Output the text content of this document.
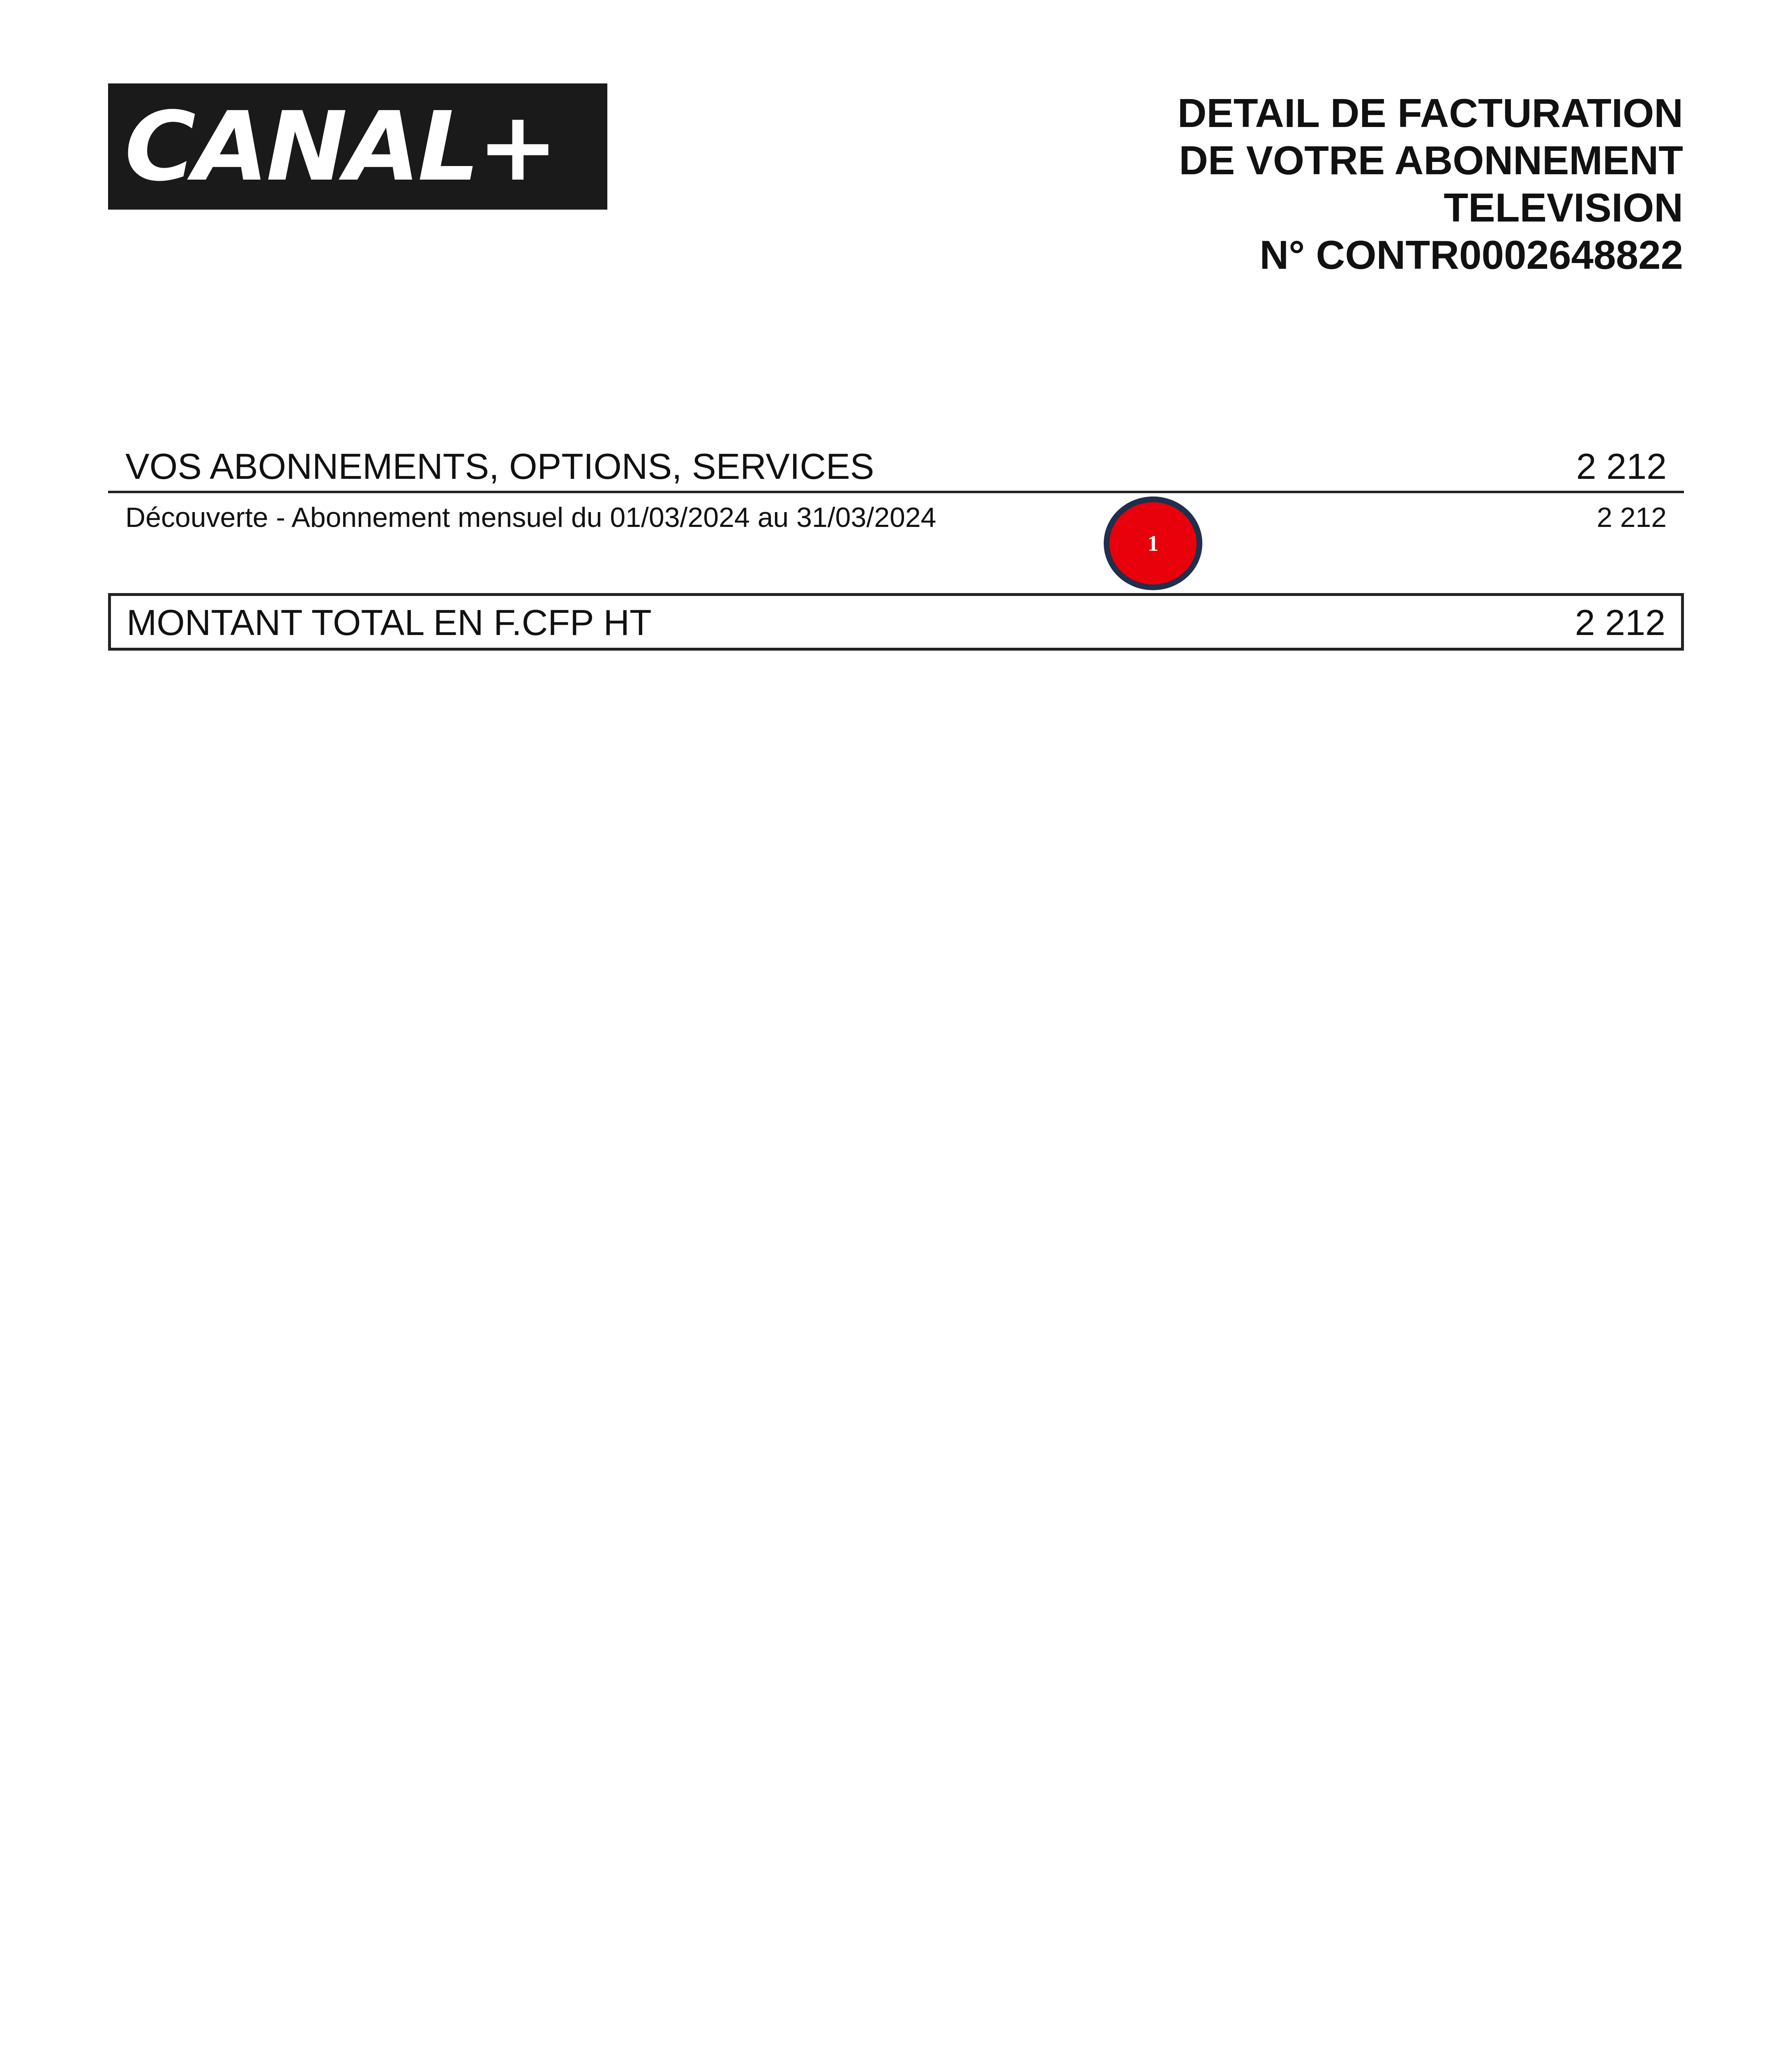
CANAL+	DETAIL DE FACTURATION
DE VOTRE ABONNEMENT
TELEVISION
N° CONTR0002648822
VOS ABONNEMENTS, OPTIONS, SERVICES	2 212
Découverte - Abonnement mensuel du 01/03/2024 au 31/03/2024	2 212
1
MONTANT TOTAL EN F.CFP HT	2 212
